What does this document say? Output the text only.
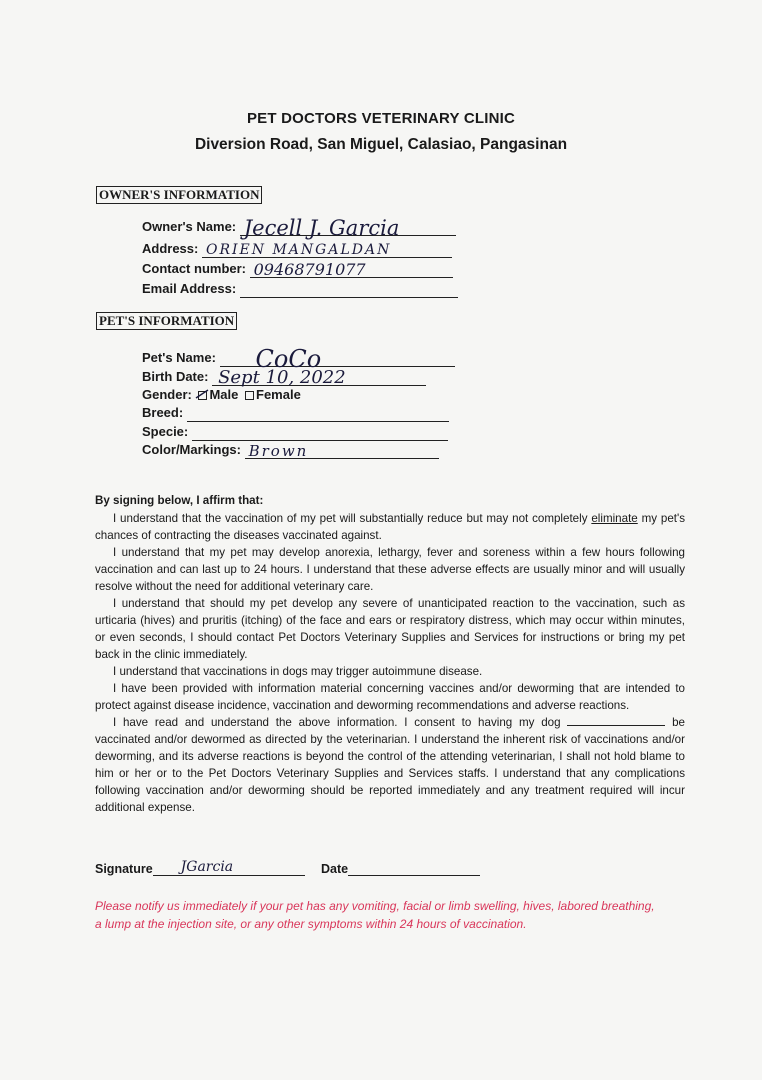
PET DOCTORS VETERINARY CLINIC
Diversion Road, San Miguel, Calasiao, Pangasinan
OWNER'S INFORMATION
Owner's Name: Jecell J. Garcia
Address: ORIEN MANGALDAN
Contact number: 09468791077
Email Address:
PET'S INFORMATION
Pet's Name: CoCo
Birth Date: Sept 10, 2022
Gender: Male Female
Breed:
Specie:
Color/Markings: Brown
By signing below, I affirm that:

I understand that the vaccination of my pet will substantially reduce but may not completely eliminate my pet's chances of contracting the diseases vaccinated against.

I understand that my pet may develop anorexia, lethargy, fever and soreness within a few hours following vaccination and can last up to 24 hours. I understand that these adverse effects are usually minor and will usually resolve without the need for additional veterinary care.

I understand that should my pet develop any severe of unanticipated reaction to the vaccination, such as urticaria (hives) and pruritis (itching) of the face and ears or respiratory distress, which may occur within minutes, or even seconds, I should contact Pet Doctors Veterinary Supplies and Services for instructions or bring my pet back in the clinic immediately.

I understand that vaccinations in dogs may trigger autoimmune disease.

I have been provided with information material concerning vaccines and/or deworming that are intended to protect against disease incidence, vaccination and deworming recommendations and adverse reactions.

I have read and understand the above information. I consent to having my dog	be vaccinated and/or dewormed as directed by the veterinarian. I understand the inherent risk of vaccinations and/or deworming, and its adverse reactions is beyond the control of the attending veterinarian, I shall not hold blame to him or her or to the Pet Doctors Veterinary Supplies and Services staffs. I understand that any complications following vaccination and/or deworming should be reported immediately and any treatment required will incur additional expense.

Signature JGarcia	Date
Please notify us immediately if your pet has any vomiting, facial or limb swelling, hives, labored breathing, a lump at the injection site, or any other symptoms within 24 hours of vaccination.
